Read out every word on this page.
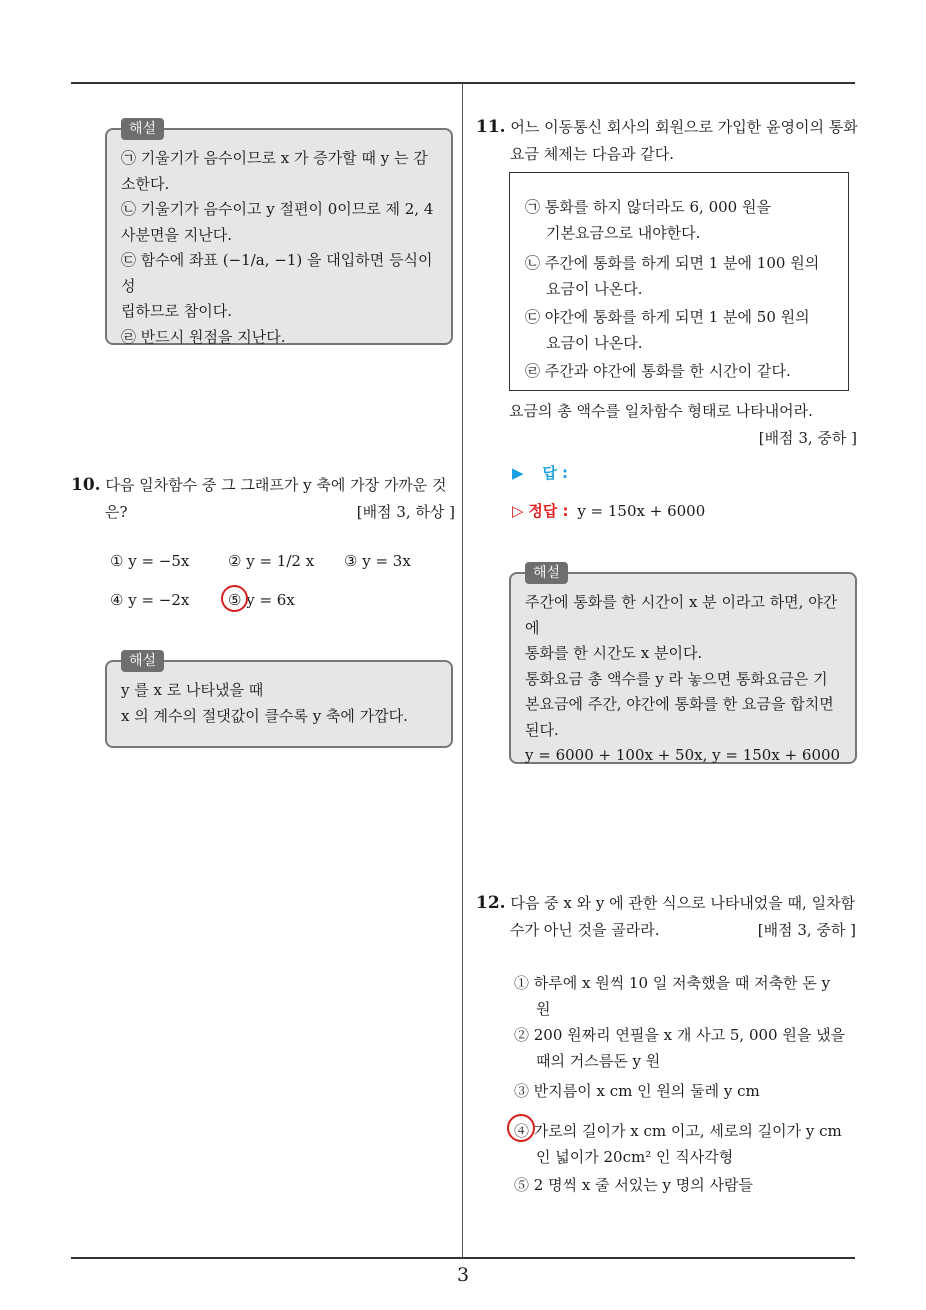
해설

㉠ 기울기가 음수이므로 x 가 증가할 때 y 는 감

소한다.

㉡ 기울기가 음수이고 y 절편이 0이므로 제 2, 4

사분면을 지난다.

㉢ 함수에 좌표 (−1/a, −1) 을 대입하면 등식이 성

립하므로 참이다.

㉣ 반드시 원점을 지난다.

10. 다음 일차함수 중 그 그래프가 y 축에 가장 가까운 것
은?	[배점 3, 하상 ]
① y = −5x	② y = 1/2 x ③ y = 3x
④ y = −2x	⑤ y = 6x
해설

y 를 x 로 나타냈을 때

x 의 계수의 절댓값이 클수록 y 축에 가깝다.

11. 어느 이동통신 회사의 회원으로 가입한 윤영이의 통화
요금 체제는 다음과 같다.
㉠ 통화를 하지 않더라도 6, 000 원을
기본요금으로 내야한다.
㉡ 주간에 통화를 하게 되면 1 분에 100 원의
요금이 나온다.
㉢ 야간에 통화를 하게 되면 1 분에 50 원의
요금이 나온다.
㉣ 주간과 야간에 통화를 한 시간이 같다.
요금의 총 액수를 일차함수 형태로 나타내어라.
[배점 3, 중하 ]
▶ 답 :
▷ 정답 : y = 150x + 6000
해설

주간에 통화를 한 시간이 x 분 이라고 하면, 야간에

통화를 한 시간도 x 분이다.

통화요금 총 액수를 y 라 놓으면 통화요금은 기

본요금에 주간, 야간에 통화를 한 요금을 합치면

된다.

y = 6000 + 100x + 50x, y = 150x + 6000

12. 다음 중 x 와 y 에 관한 식으로 나타내었을 때, 일차함
수가 아닌 것을 골라라.	[배점 3, 중하 ]
① 하루에 x 원씩 10 일 저축했을 때 저축한 돈 y
원
② 200 원짜리 연필을 x 개 사고 5, 000 원을 냈을
때의 거스름돈 y 원
③ 반지름이 x cm 인 원의 둘레 y cm
④ 가로의 길이가 x cm 이고, 세로의 길이가 y cm
인 넓이가 20cm² 인 직사각형
⑤ 2 명씩 x 줄 서있는 y 명의 사람들
3
